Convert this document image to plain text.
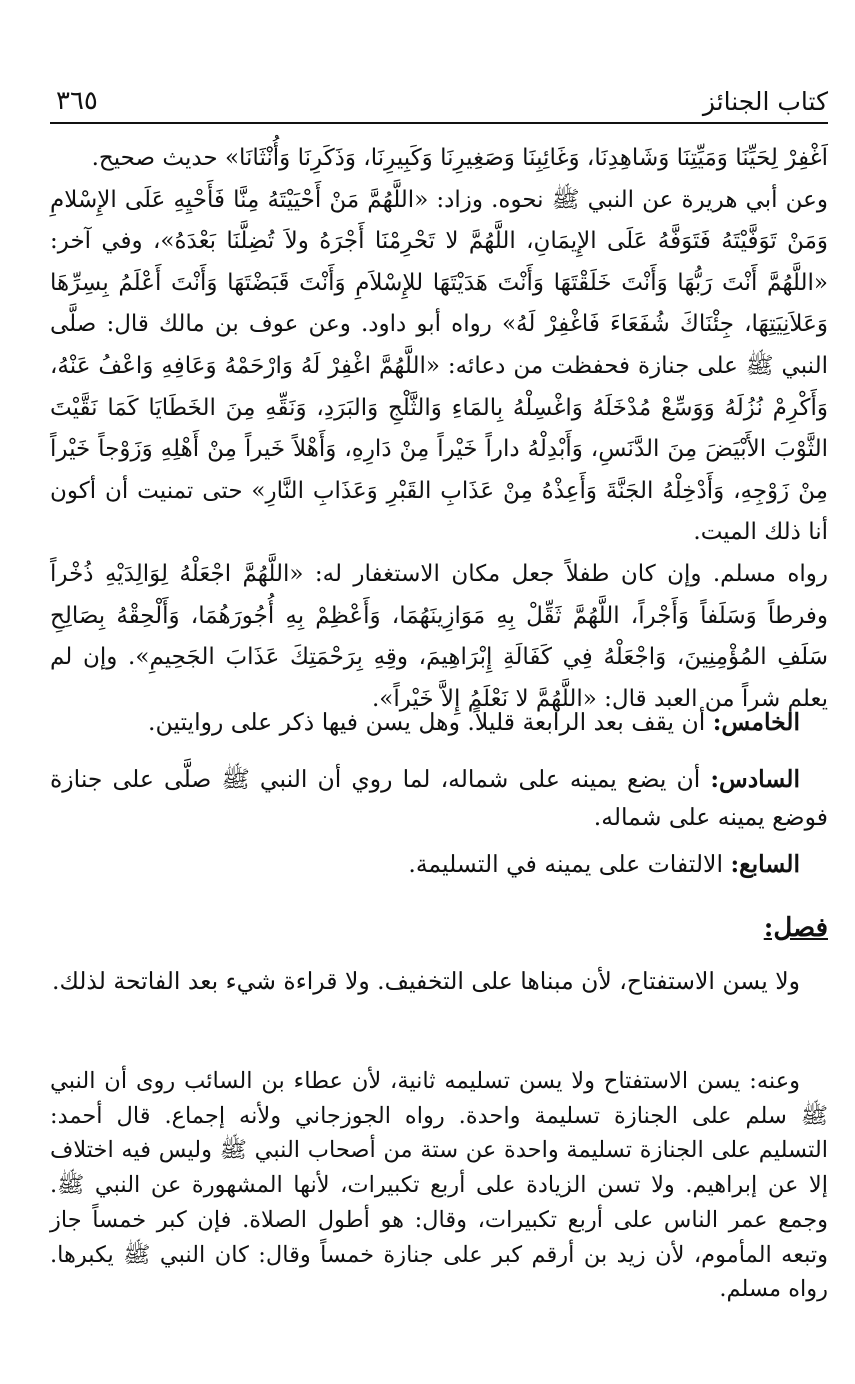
٣٦٥	كتاب الجنائز

اَغْفِرْ لِحَيِّنَا وَمَيِّتِنَا وَشَاهِدِنَا، وَغَائِبِنَا وَصَغِيرِنَا وَكَبِيرِنَا، وَذَكَرِنَا وَأُنْثَانَا» حديث صحيح.

وعن أبي هريرة عن النبي ﷺ نحوه. وزاد: «اللَّهُمَّ مَنْ أَحْيَيْتَهُ مِنَّا فَأَحْيِهِ عَلَى الإِسْلامِ وَمَنْ تَوَفَّيْتَهُ فَتَوَفَّهُ عَلَى الإِيمَانِ، اللَّهُمَّ لا تَحْرِمْنَا أَجْرَهُ ولاَ تُضِلَّنَا بَعْدَهُ»، وفي آخر: «اللَّهُمَّ أَنْتَ رَبُّهَا وَأَنْتَ خَلَقْتَهَا وَأَنْتَ هَدَيْتَهَا للإِسْلاَمِ وَأَنْتَ قَبَضْتَهَا وَأَنْتَ أَعْلَمُ بِسِرِّهَا وَعَلاَنِيَتِهَا، جِئْنَاكَ شُفَعَاءَ فَاغْفِرْ لَهُ» رواه أبو داود. وعن عوف بن مالك قال: صلَّى النبي ﷺ على جنازة فحفظت من دعائه: «اللَّهُمَّ اغْفِرْ لَهُ وَارْحَمْهُ وَعَافِهِ وَاعْفُ عَنْهُ، وَأَكْرِمْ نُزُلَهُ وَوَسِّعْ مُدْخَلَهُ وَاغْسِلْهُ بِالمَاءِ وَالثَّلْجِ وَالبَرَدِ، وَنَقِّهِ مِنَ الخَطَايَا كَمَا نَقَّيْتَ الثَّوْبَ الأَبْيَضَ مِنَ الدَّنَسِ، وَأَبْدِلْهُ داراً خَيْراً مِنْ دَارِهِ، وَأَهْلاً خَيراً مِنْ أَهْلِهِ وَزَوْجاً خَيْراً مِنْ زَوْجِهِ، وَأَدْخِلْهُ الجَنَّةَ وَأَعِذْهُ مِنْ عَذَابِ القَبْرِ وَعَذَابِ النَّارِ» حتى تمنيت أن أكون أنا ذلك الميت.

رواه مسلم. وإن كان طفلاً جعل مكان الاستغفار له: «اللَّهُمَّ اجْعَلْهُ لِوَالِدَيْهِ ذُخْراً وفرطاً وَسَلَفاً وَأَجْراً، اللَّهُمَّ ثَقِّلْ بِهِ مَوَازِينَهُمَا، وَأَعْظِمْ بِهِ أُجُورَهُمَا، وَأَلْحِقْهُ بِصَالِحِ سَلَفِ المُؤْمِنِينَ، وَاجْعَلْهُ فِي كَفَالَةِ إِبْرَاهِيمَ، وقِهِ بِرَحْمَتِكَ عَذَابَ الجَحِيمِ». وإن لم يعلم شراً من العبد قال: «اللَّهُمَّ لا نَعْلَمُ إِلاَّ خَيْراً».

الخامس: أن يقف بعد الرابعة قليلاً. وهل يسن فيها ذكر على روايتين.

السادس: أن يضع يمينه على شماله، لما روي أن النبي ﷺ صلَّى على جنازة فوضع يمينه على شماله.

السابع: الالتفات على يمينه في التسليمة.

فصل:

ولا يسن الاستفتاح، لأن مبناها على التخفيف. ولا قراءة شيء بعد الفاتحة لذلك.

وعنه: يسن الاستفتاح ولا يسن تسليمه ثانية، لأن عطاء بن السائب روى أن النبي ﷺ سلم على الجنازة تسليمة واحدة. رواه الجوزجاني ولأنه إجماع. قال أحمد: التسليم على الجنازة تسليمة واحدة عن ستة من أصحاب النبي ﷺ وليس فيه اختلاف إلا عن إبراهيم. ولا تسن الزيادة على أربع تكبيرات، لأنها المشهورة عن النبي ﷺ. وجمع عمر الناس على أربع تكبيرات، وقال: هو أطول الصلاة. فإن كبر خمساً جاز وتبعه المأموم، لأن زيد بن أرقم كبر على جنازة خمساً وقال: كان النبي ﷺ يكبرها. رواه مسلم.
